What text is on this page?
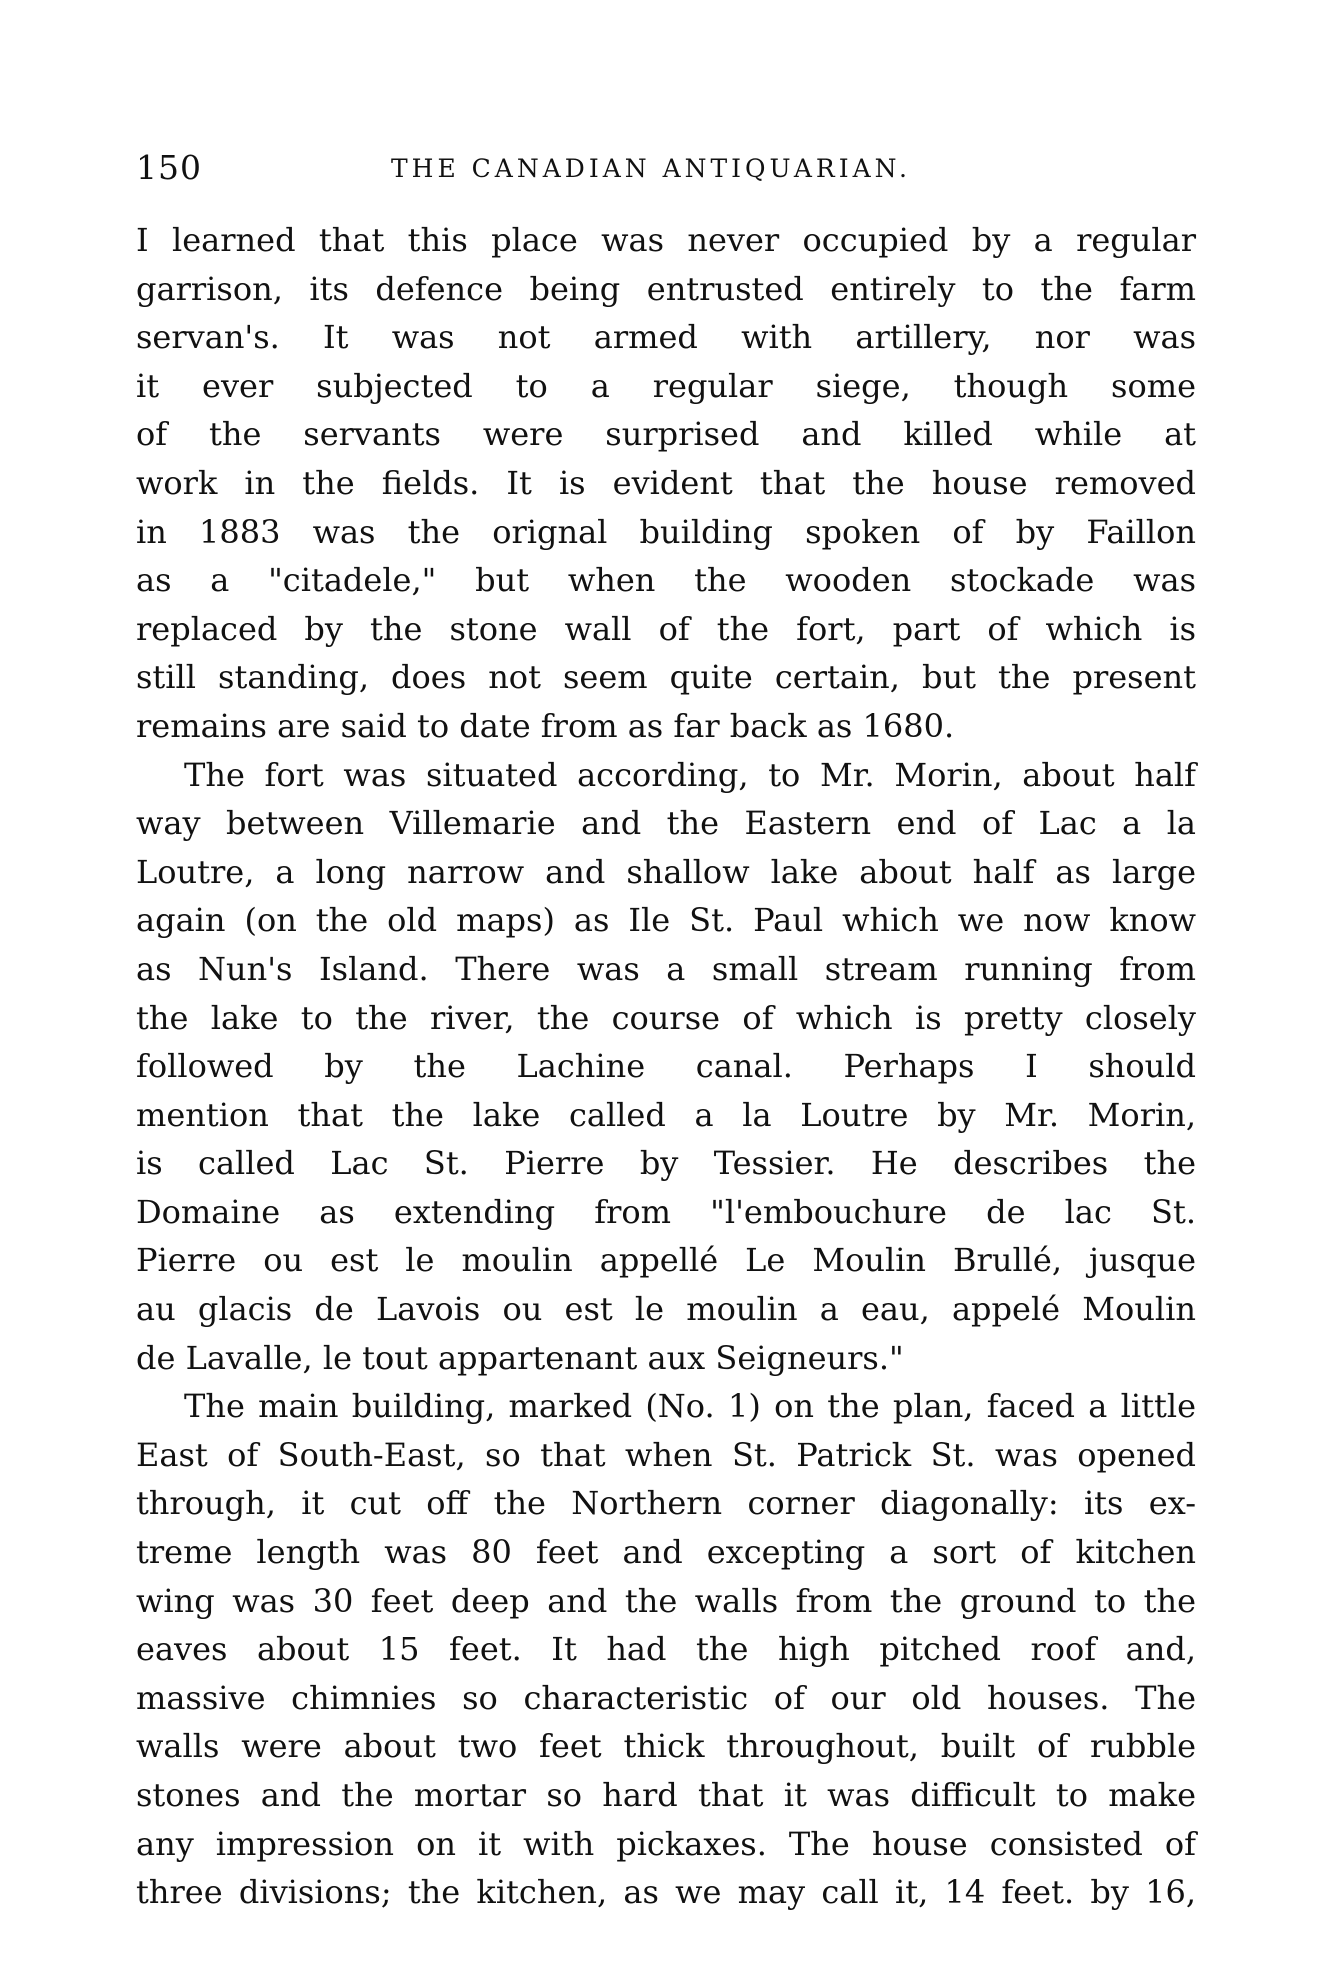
150	THE CANADIAN ANTIQUARIAN.
I learned that this place was never occupied by a regular
garrison, its defence being entrusted entirely to the farm
servan's. It was not armed with artillery, nor was
it ever subjected to a regular siege, though some
of the servants were surprised and killed while at
work in the fields. It is evident that the house removed
in 1883 was the orignal building spoken of by Faillon
as a "citadele," but when the wooden stockade was
replaced by the stone wall of the fort, part of which is
still standing, does not seem quite certain, but the present
remains are said to date from as far back as 1680.
The fort was situated according, to Mr. Morin, about half
way between Villemarie and the Eastern end of Lac a la
Loutre, a long narrow and shallow lake about half as large
again (on the old maps) as Ile St. Paul which we now know
as Nun's Island. There was a small stream running from
the lake to the river, the course of which is pretty closely
followed by the Lachine canal. Perhaps I should
mention that the lake called a la Loutre by Mr. Morin,
is called Lac St. Pierre by Tessier. He describes the
Domaine as extending from "l'embouchure de lac St.
Pierre ou est le moulin appellé Le Moulin Brullé, jusque
au glacis de Lavois ou est le moulin a eau, appelé Moulin
de Lavalle, le tout appartenant aux Seigneurs."
The main building, marked (No. 1) on the plan, faced a little
East of South-East, so that when St. Patrick St. was opened
through, it cut off the Northern corner diagonally: its ex-
treme length was 80 feet and excepting a sort of kitchen
wing was 30 feet deep and the walls from the ground to the
eaves about 15 feet. It had the high pitched roof and,
massive chimnies so characteristic of our old houses. The
walls were about two feet thick throughout, built of rubble
stones and the mortar so hard that it was difficult to make
any impression on it with pickaxes. The house consisted of
three divisions; the kitchen, as we may call it, 14 feet. by 16,
